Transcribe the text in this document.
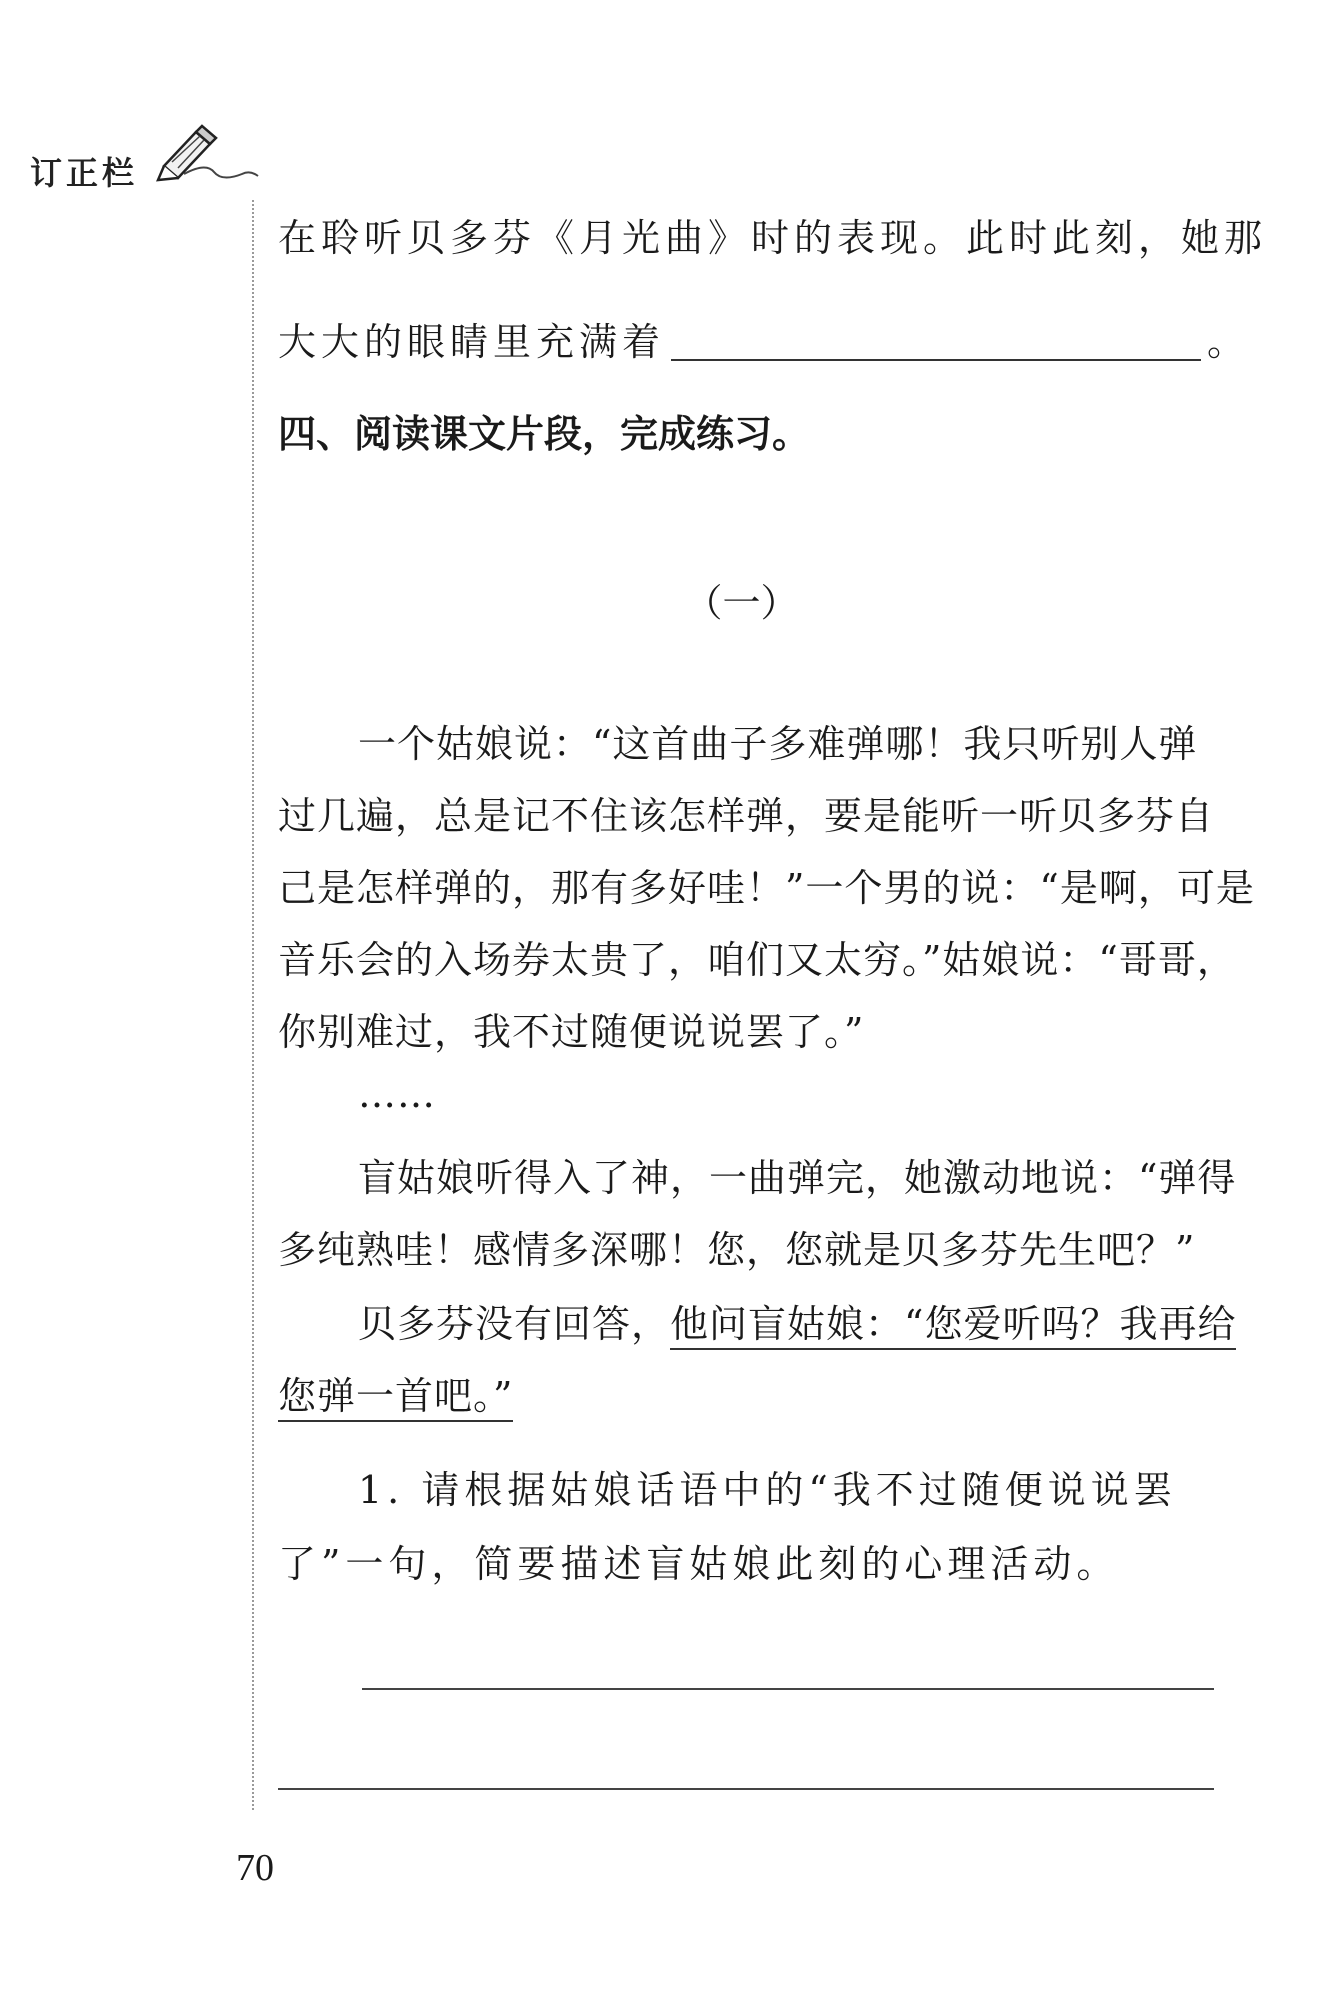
订正栏
在聆听贝多芬《月光曲》时的表现。此时此刻，她那
大大的眼睛里充满着	。
四、阅读课文片段，完成练习。
（一）
一个姑娘说：“这首曲子多难弹哪！我只听别人弹
过几遍，总是记不住该怎样弹，要是能听一听贝多芬自
己是怎样弹的，那有多好哇！”一个男的说：“是啊，可是
音乐会的入场券太贵了，咱们又太穷。”姑娘说：“哥哥，
你别难过，我不过随便说说罢了。”
……
盲姑娘听得入了神，一曲弹完，她激动地说：“弹得
多纯熟哇！感情多深哪！您，您就是贝多芬先生吧？”
贝多芬没有回答，他问盲姑娘：“您爱听吗？我再给
您弹一首吧。”
1. 请根据姑娘话语中的“我不过随便说说罢
了”一句，简要描述盲姑娘此刻的心理活动。
70
